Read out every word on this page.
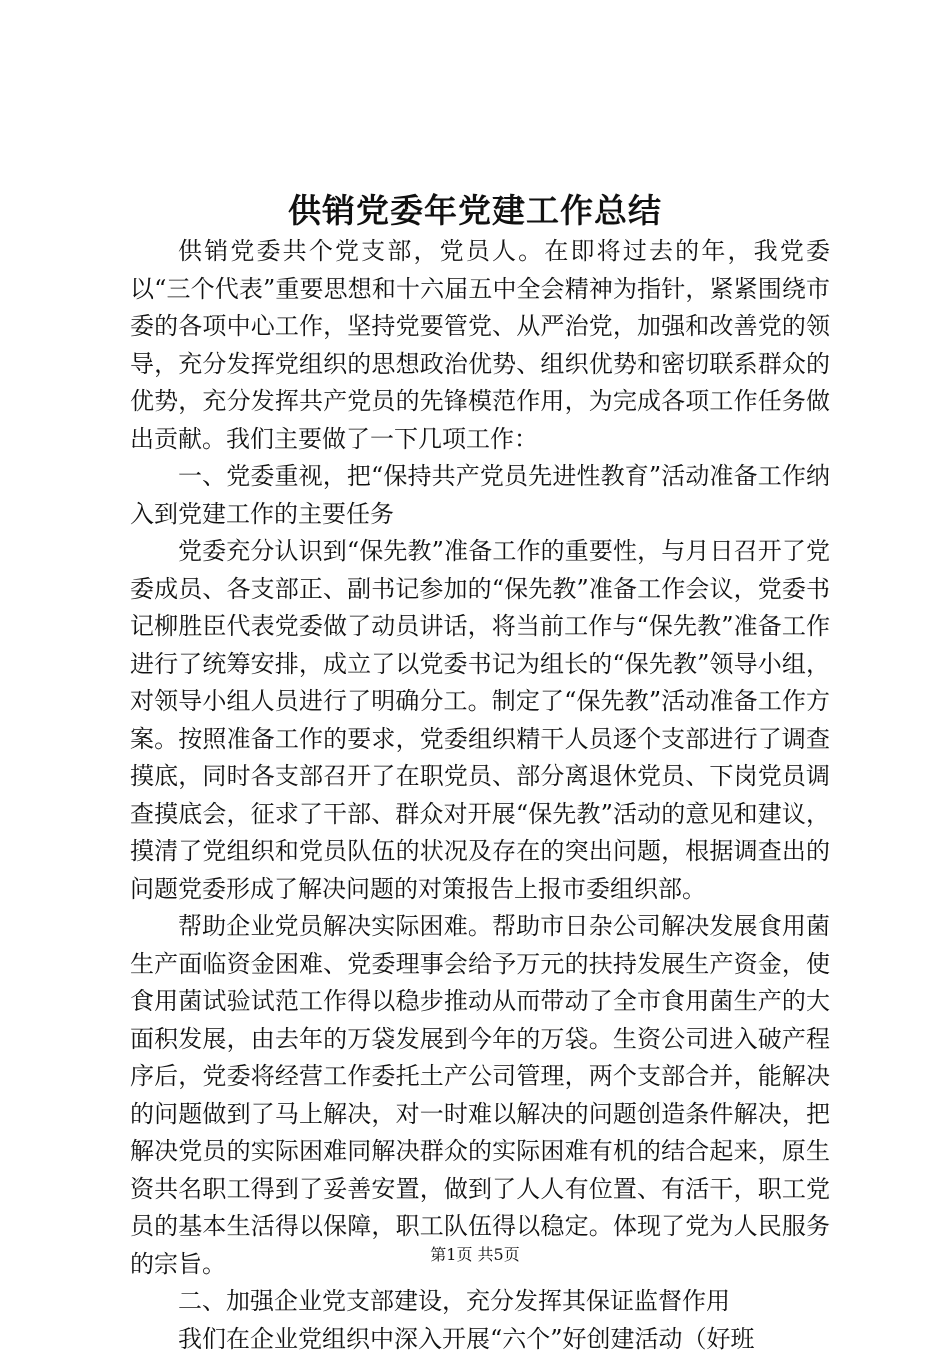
供销党委年党建工作总结

供销党委共个党支部，党员人。在即将过去的年，我党委以“三个代表”重要思想和十六届五中全会精神为指针，紧紧围绕市委的各项中心工作，坚持党要管党、从严治党，加强和改善党的领导，充分发挥党组织的思想政治优势、组织优势和密切联系群众的优势，充分发挥共产党员的先锋模范作用，为完成各项工作任务做出贡献。我们主要做了一下几项工作：

一、党委重视，把“保持共产党员先进性教育”活动准备工作纳入到党建工作的主要任务

党委充分认识到“保先教”准备工作的重要性，与月日召开了党委成员、各支部正、副书记参加的“保先教”准备工作会议，党委书记柳胜臣代表党委做了动员讲话，将当前工作与“保先教”准备工作进行了统筹安排，成立了以党委书记为组长的“保先教”领导小组，对领导小组人员进行了明确分工。制定了“保先教”活动准备工作方案。按照准备工作的要求，党委组织精干人员逐个支部进行了调查摸底，同时各支部召开了在职党员、部分离退休党员、下岗党员调查摸底会，征求了干部、群众对开展“保先教”活动的意见和建议，摸清了党组织和党员队伍的状况及存在的突出问题，根据调查出的问题党委形成了解决问题的对策报告上报市委组织部。

帮助企业党员解决实际困难。帮助市日杂公司解决发展食用菌生产面临资金困难、党委理事会给予万元的扶持发展生产资金，使食用菌试验试范工作得以稳步推动从而带动了全市食用菌生产的大面积发展，由去年的万袋发展到今年的万袋。生资公司进入破产程序后，党委将经营工作委托土产公司管理，两个支部合并，能解决的问题做到了马上解决，对一时难以解决的问题创造条件解决，把解决党员的实际困难同解决群众的实际困难有机的结合起来，原生资共名职工得到了妥善安置，做到了人人有位置、有活干，职工党员的基本生活得以保障，职工队伍得以稳定。体现了党为人民服务的宗旨。

二、加强企业党支部建设，充分发挥其保证监督作用

我们在企业党组织中深入开展“六个”好创建活动（好班

第1页 共5页
